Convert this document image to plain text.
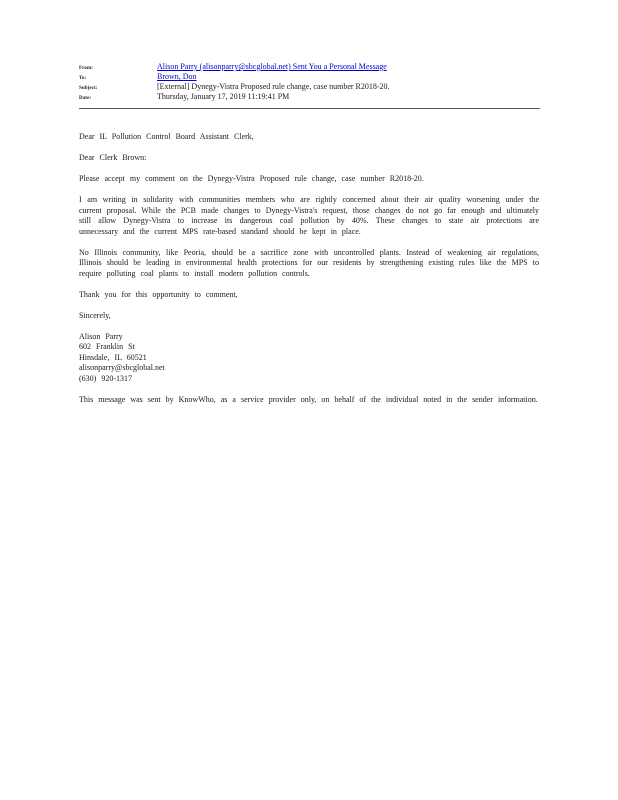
From:	Alison Parry (alisonparry@sbcglobal.net) Sent You a Personal Message
To:	Brown, Don
Subject:	[External] Dynegy-Vistra Proposed rule change, case number R2018-20.
Date:	Thursday, January 17, 2019 11:19:41 PM

Dear IL Pollution Control Board Assistant Clerk,

Dear Clerk Brown:

Please accept my comment on the Dynegy-Vistra Proposed rule change, case number R2018-20.

I am writing in solidarity with communities members who are rightly concerned about their air quality worsening under the current proposal. While the PCB made changes to Dynegy-Vistra's request, those changes do not go far enough and ultimately still allow Dynegy-Vistra to increase its dangerous coal pollution by 40%. These changes to state air protections are unnecessary and the current MPS rate-based standard should be kept in place.

No Illinois community, like Peoria, should be a sacrifice zone with uncontrolled plants. Instead of weakening air regulations, Illinois should be leading in environmental health protections for our residents by strengthening existing rules like the MPS to require polluting coal plants to install modern pollution controls.

Thank you for this opportunity to comment,

Sincerely,

Alison Parry
602 Franklin St
Hinsdale, IL 60521
alisonparry@sbcglobal.net
(630) 920-1317

This message was sent by KnowWho, as a service provider only, on behalf of the individual noted in the sender information.
